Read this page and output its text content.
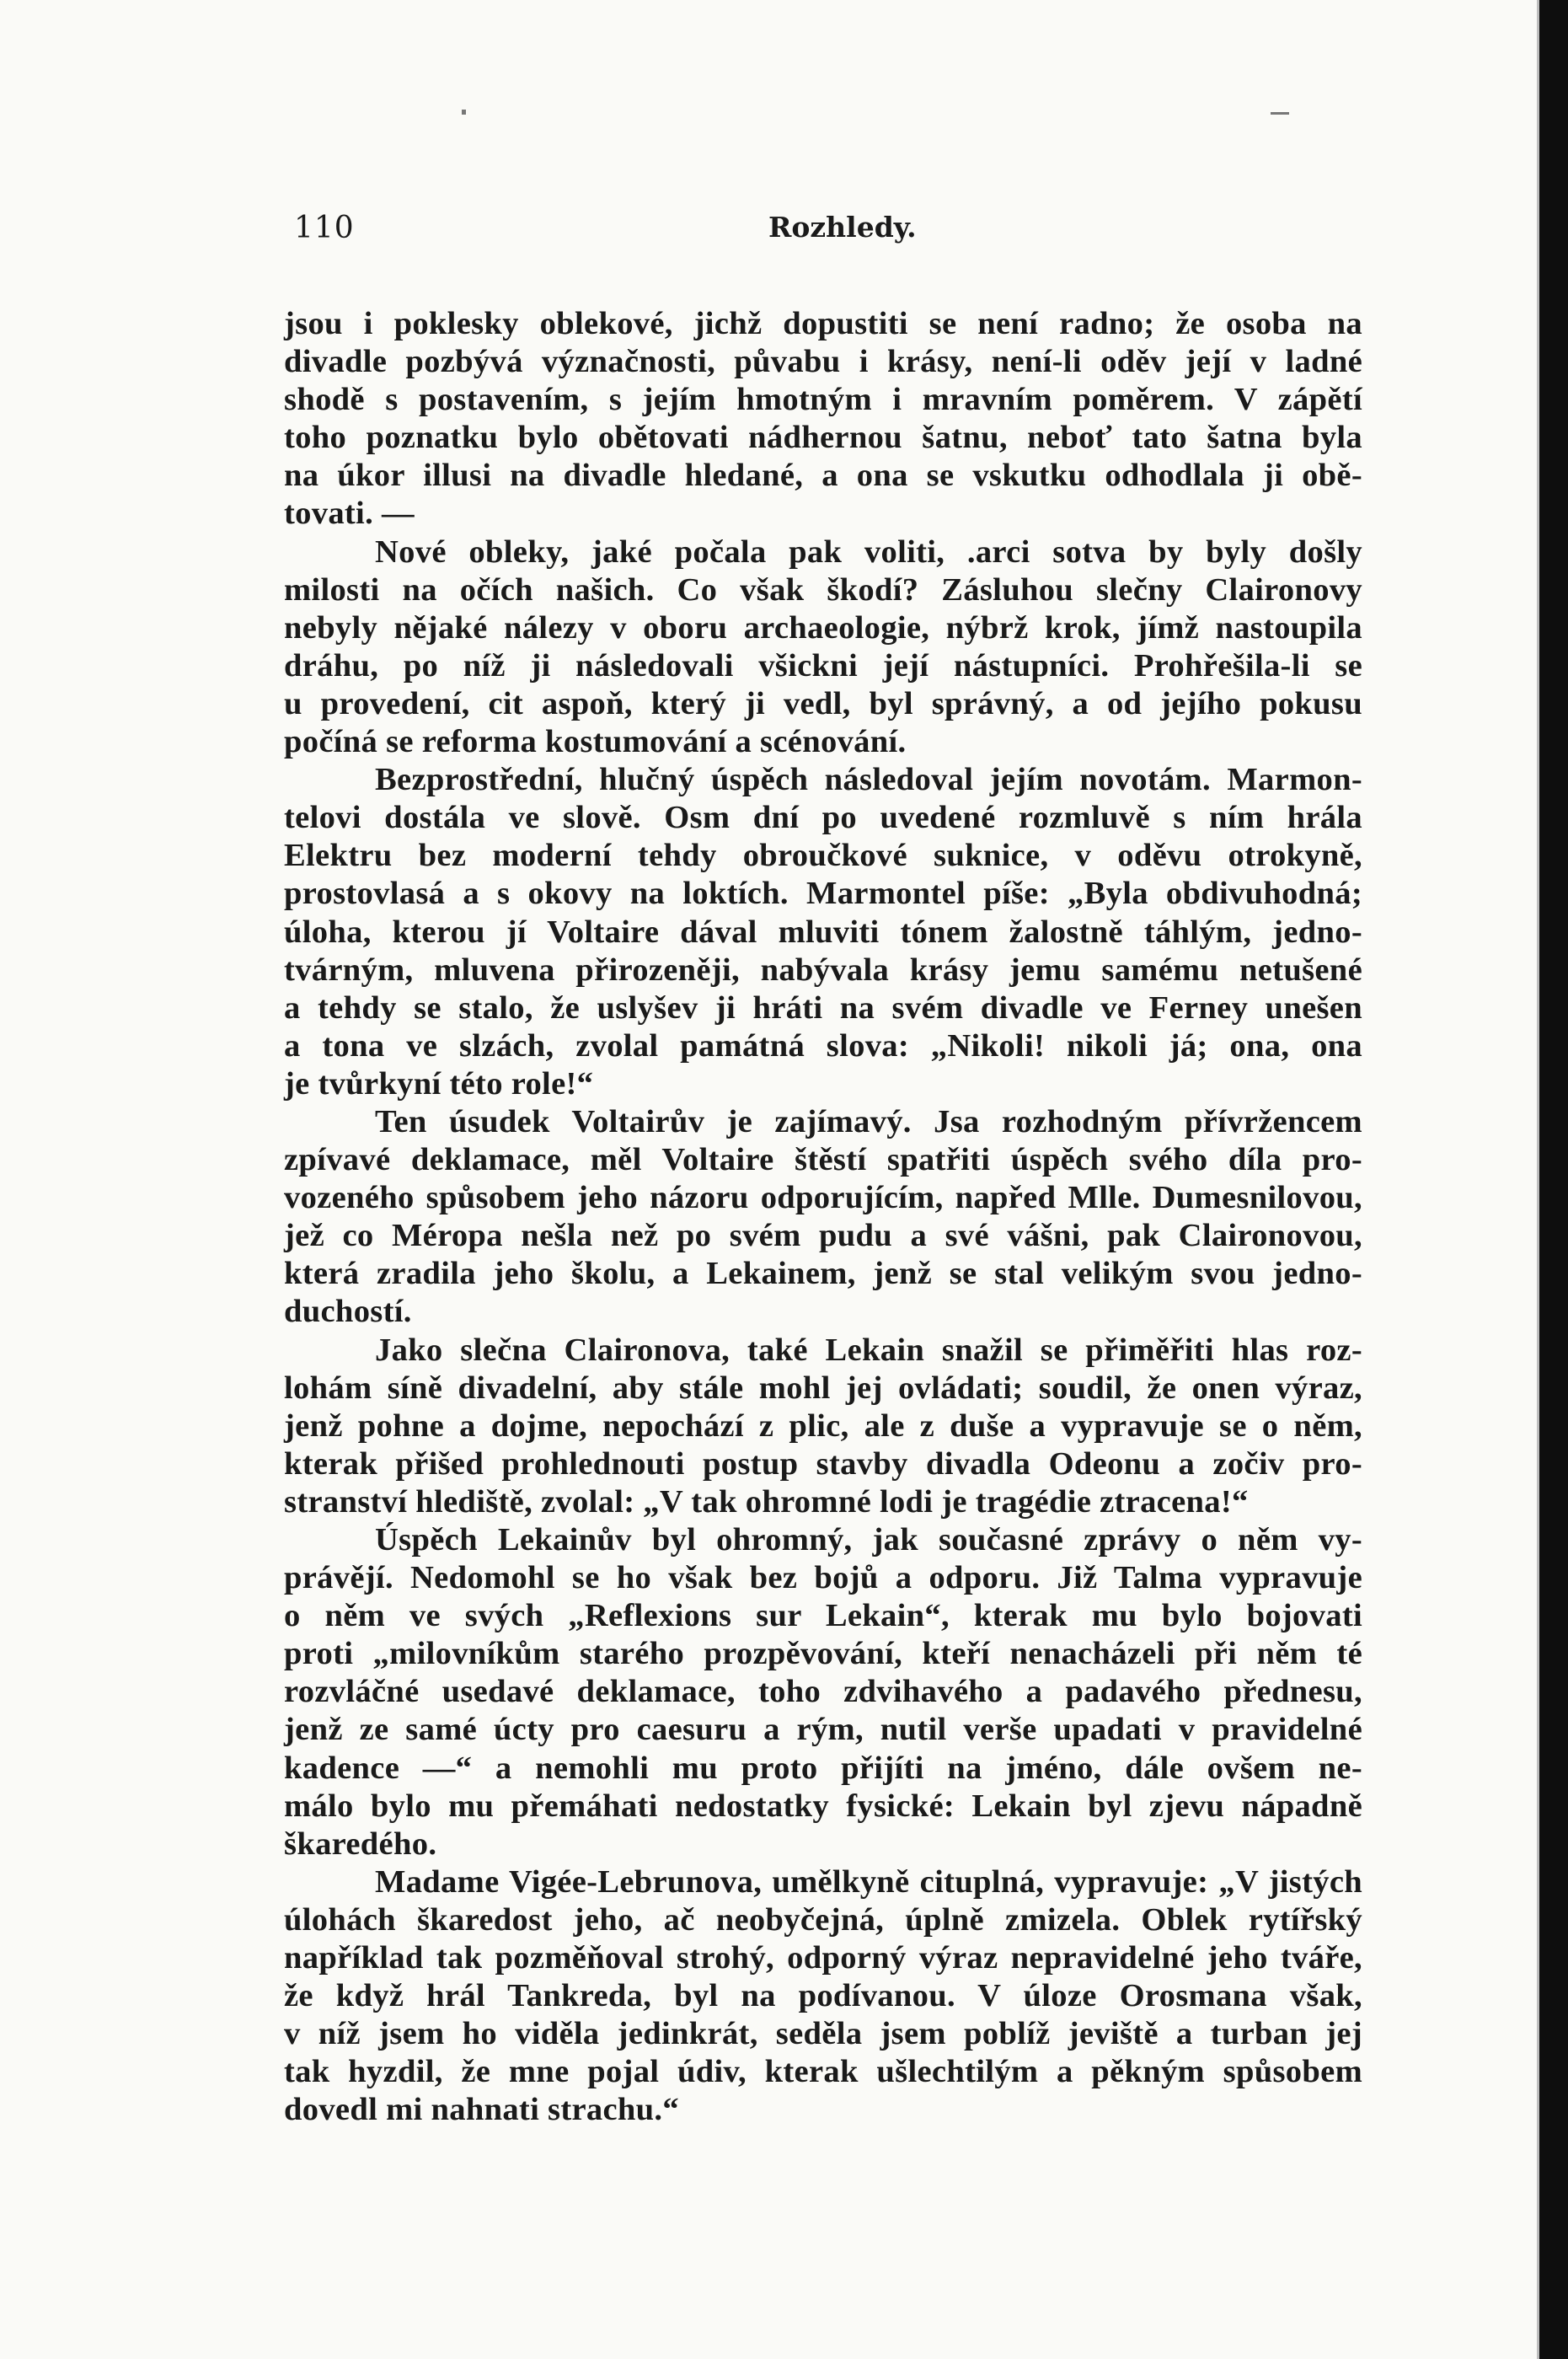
110	Rozhledy.

jsou i poklesky oblekové, jichž dopustiti se není radno; že osoba na
divadle pozbývá význačnosti, půvabu i krásy, není-li oděv její v ladné
shodě s postavením, s jejím hmotným i mravním poměrem. V zápětí
toho poznatku bylo obětovati nádhernou šatnu, neboť tato šatna byla
na úkor illusi na divadle hledané, a ona se vskutku odhodlala ji obě-
tovati. —

Nové obleky, jaké počala pak voliti, .arci sotva by byly došly
milosti na očích našich. Co však škodí? Zásluhou slečny Claironovy
nebyly nějaké nálezy v oboru archaeologie, nýbrž krok, jímž nastoupila
dráhu, po níž ji následovali všickni její nástupníci. Prohřešila-li se
u provedení, cit aspoň, který ji vedl, byl správný, a od jejího pokusu
počíná se reforma kostumování a scénování.

Bezprostřední, hlučný úspěch následoval jejím novotám. Marmon-
telovi dostála ve slově. Osm dní po uvedené rozmluvě s ním hrála
Elektru bez moderní tehdy obroučkové suknice, v oděvu otrokyně,
prostovlasá a s okovy na loktích. Marmontel píše: „Byla obdivuhodná;
úloha, kterou jí Voltaire dával mluviti tónem žalostně táhlým, jedno-
tvárným, mluvena přirozeněji, nabývala krásy jemu samému netušené
a tehdy se stalo, že uslyšev ji hráti na svém divadle ve Ferney unešen
a tona ve slzách, zvolal památná slova: „Nikoli! nikoli já; ona, ona
je tvůrkyní této role!“

Ten úsudek Voltairův je zajímavý. Jsa rozhodným přívržencem
zpívavé deklamace, měl Voltaire štěstí spatřiti úspěch svého díla pro-
vozeného spůsobem jeho názoru odporujícím, napřed Mlle. Dumesnilovou,
jež co Méropa nešla než po svém pudu a své vášni, pak Claironovou,
která zradila jeho školu, a Lekainem, jenž se stal velikým svou jedno-
duchostí.

Jako slečna Claironova, také Lekain snažil se přiměřiti hlas roz-
lohám síně divadelní, aby stále mohl jej ovládati; soudil, že onen výraz,
jenž pohne a dojme, nepochází z plic, ale z duše a vypravuje se o něm,
kterak přišed prohlednouti postup stavby divadla Odeonu a zočiv pro-
stranství hlediště, zvolal: „V tak ohromné lodi je tragédie ztracena!“

Úspěch Lekainův byl ohromný, jak současné zprávy o něm vy-
právějí. Nedomohl se ho však bez bojů a odporu. Již Talma vypravuje
o něm ve svých „Reflexions sur Lekain“, kterak mu bylo bojovati
proti „milovníkům starého prozpěvování, kteří nenacházeli při něm té
rozvláčné usedavé deklamace, toho zdvihavého a padavého přednesu,
jenž ze samé úcty pro caesuru a rým, nutil verše upadati v pravidelné
kadence —“ a nemohli mu proto přijíti na jméno, dále ovšem ne-
málo bylo mu přemáhati nedostatky fysické: Lekain byl zjevu nápadně
škaredého.

Madame Vigée-Lebrunova, umělkyně cituplná, vypravuje: „V jistých
úlohách škaredost jeho, ač neobyčejná, úplně zmizela. Oblek rytířský
například tak pozměňoval strohý, odporný výraz nepravidelné jeho tváře,
že když hrál Tankreda, byl na podívanou. V úloze Orosmana však,
v níž jsem ho viděla jedinkrát, seděla jsem poblíž jeviště a turban jej
tak hyzdil, že mne pojal údiv, kterak ušlechtilým a pěkným spůsobem
dovedl mi nahnati strachu.“
